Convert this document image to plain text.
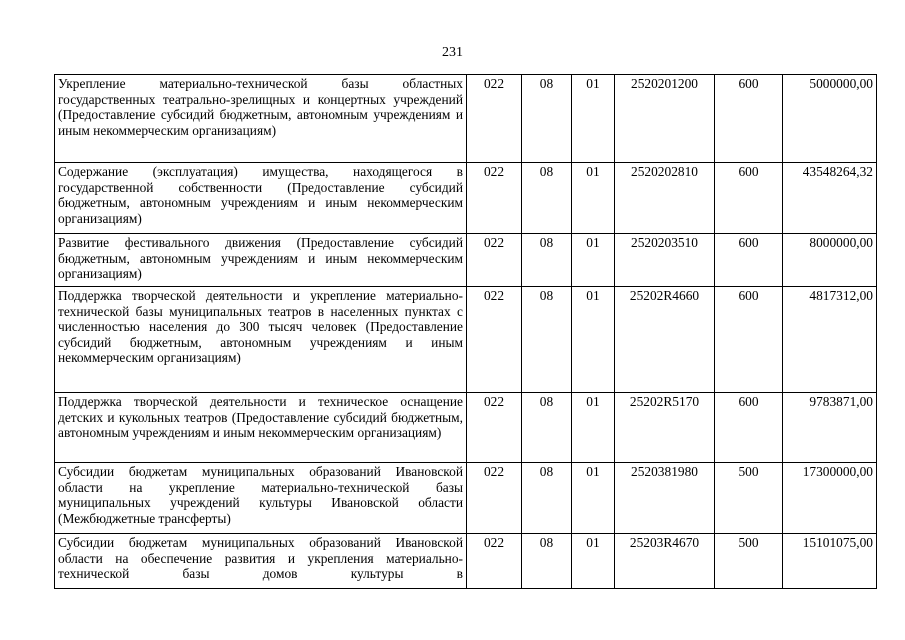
231
Укрепление материально-технической базы областных государственных театрально-зрелищных и концертных учреждений (Предоставление субсидий бюджетным, автономным учреждениям и иным некоммерческим организациям)	022	08	01	2520201200	600	5000000,00
Содержание (эксплуатация) имущества, находящегося в государственной собственности (Предоставление субсидий бюджетным, автономным учреждениям и иным некоммерческим организациям)	022	08	01	2520202810	600	43548264,32
Развитие фестивального движения (Предоставление субсидий бюджетным, автономным учреждениям и иным некоммерческим организациям)	022	08	01	2520203510	600	8000000,00
Поддержка творческой деятельности и укрепление материально-технической базы муниципальных театров в населенных пунктах с численностью населения до 300 тысяч человек (Предоставление субсидий бюджетным, автономным учреждениям и иным некоммерческим организациям)	022	08	01	25202R4660	600	4817312,00
Поддержка творческой деятельности и техническое оснащение детских и кукольных театров (Предоставление субсидий бюджетным, автономным учреждениям и иным некоммерческим организациям)	022	08	01	25202R5170	600	9783871,00
Субсидии бюджетам муниципальных образований Ивановской области на укрепление материально-технической базы муниципальных учреждений культуры Ивановской области (Межбюджетные трансферты)	022	08	01	2520381980	500	17300000,00
Субсидии бюджетам муниципальных образований Ивановской области на обеспечение развития и укрепления материально-технической базы домов культуры в	022	08	01	25203R4670	500	15101075,00
